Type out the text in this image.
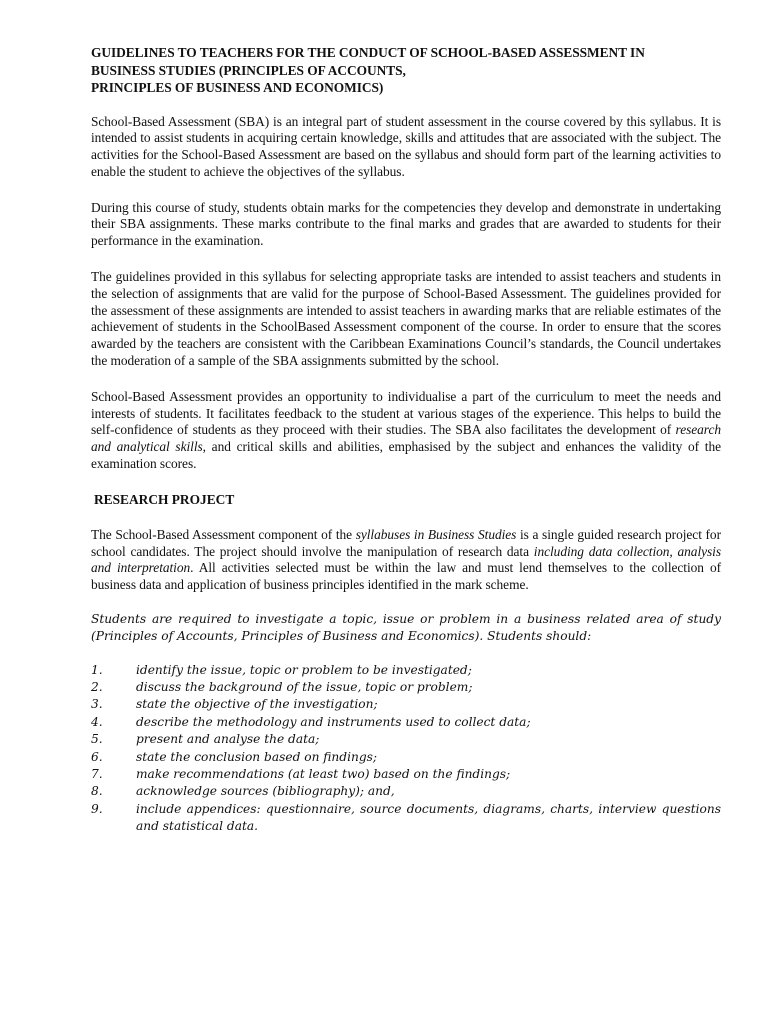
GUIDELINES TO TEACHERS FOR THE CONDUCT OF SCHOOL-BASED ASSESSMENT IN

BUSINESS STUDIES (PRINCIPLES OF ACCOUNTS,

PRINCIPLES OF BUSINESS AND ECONOMICS)

School-Based Assessment (SBA) is an integral part of student assessment in the course covered by this syllabus. It is intended to assist students in acquiring certain knowledge, skills and attitudes that are associated with the subject. The activities for the School-Based Assessment are based on the syllabus and should form part of the learning activities to enable the student to achieve the objectives of the syllabus.

During this course of study, students obtain marks for the competencies they develop and demonstrate in undertaking their SBA assignments. These marks contribute to the final marks and grades that are awarded to students for their performance in the examination.

The guidelines provided in this syllabus for selecting appropriate tasks are intended to assist teachers and students in the selection of assignments that are valid for the purpose of School-Based Assessment. The guidelines provided for the assessment of these assignments are intended to assist teachers in awarding marks that are reliable estimates of the achievement of students in the SchoolBased Assessment component of the course. In order to ensure that the scores awarded by the teachers are consistent with the Caribbean Examinations Council’s standards, the Council undertakes the moderation of a sample of the SBA assignments submitted by the school.

School-Based Assessment provides an opportunity to individualise a part of the curriculum to meet the needs and interests of students. It facilitates feedback to the student at various stages of the experience. This helps to build the self-confidence of students as they proceed with their studies. The SBA also facilitates the development of research and analytical skills, and critical skills and abilities, emphasised by the subject and enhances the validity of the examination scores.

RESEARCH PROJECT

The School-Based Assessment component of the syllabuses in Business Studies is a single guided research project for school candidates. The project should involve the manipulation of research data including data collection, analysis and interpretation. All activities selected must be within the law and must lend themselves to the collection of business data and application of business principles identified in the mark scheme.

Students are required to investigate a topic, issue or problem in a business related area of study (Principles of Accounts, Principles of Business and Economics). Students should:

1.	identify the issue, topic or problem to be investigated;
2.	discuss the background of the issue, topic or problem;
3.	state the objective of the investigation;
4.	describe the methodology and instruments used to collect data;
5.	present and analyse the data;
6.	state the conclusion based on findings;
7.	make recommendations (at least two) based on the findings;
8.	acknowledge sources (bibliography); and,
9.	include appendices: questionnaire, source documents, diagrams, charts, interview questions and statistical data.
